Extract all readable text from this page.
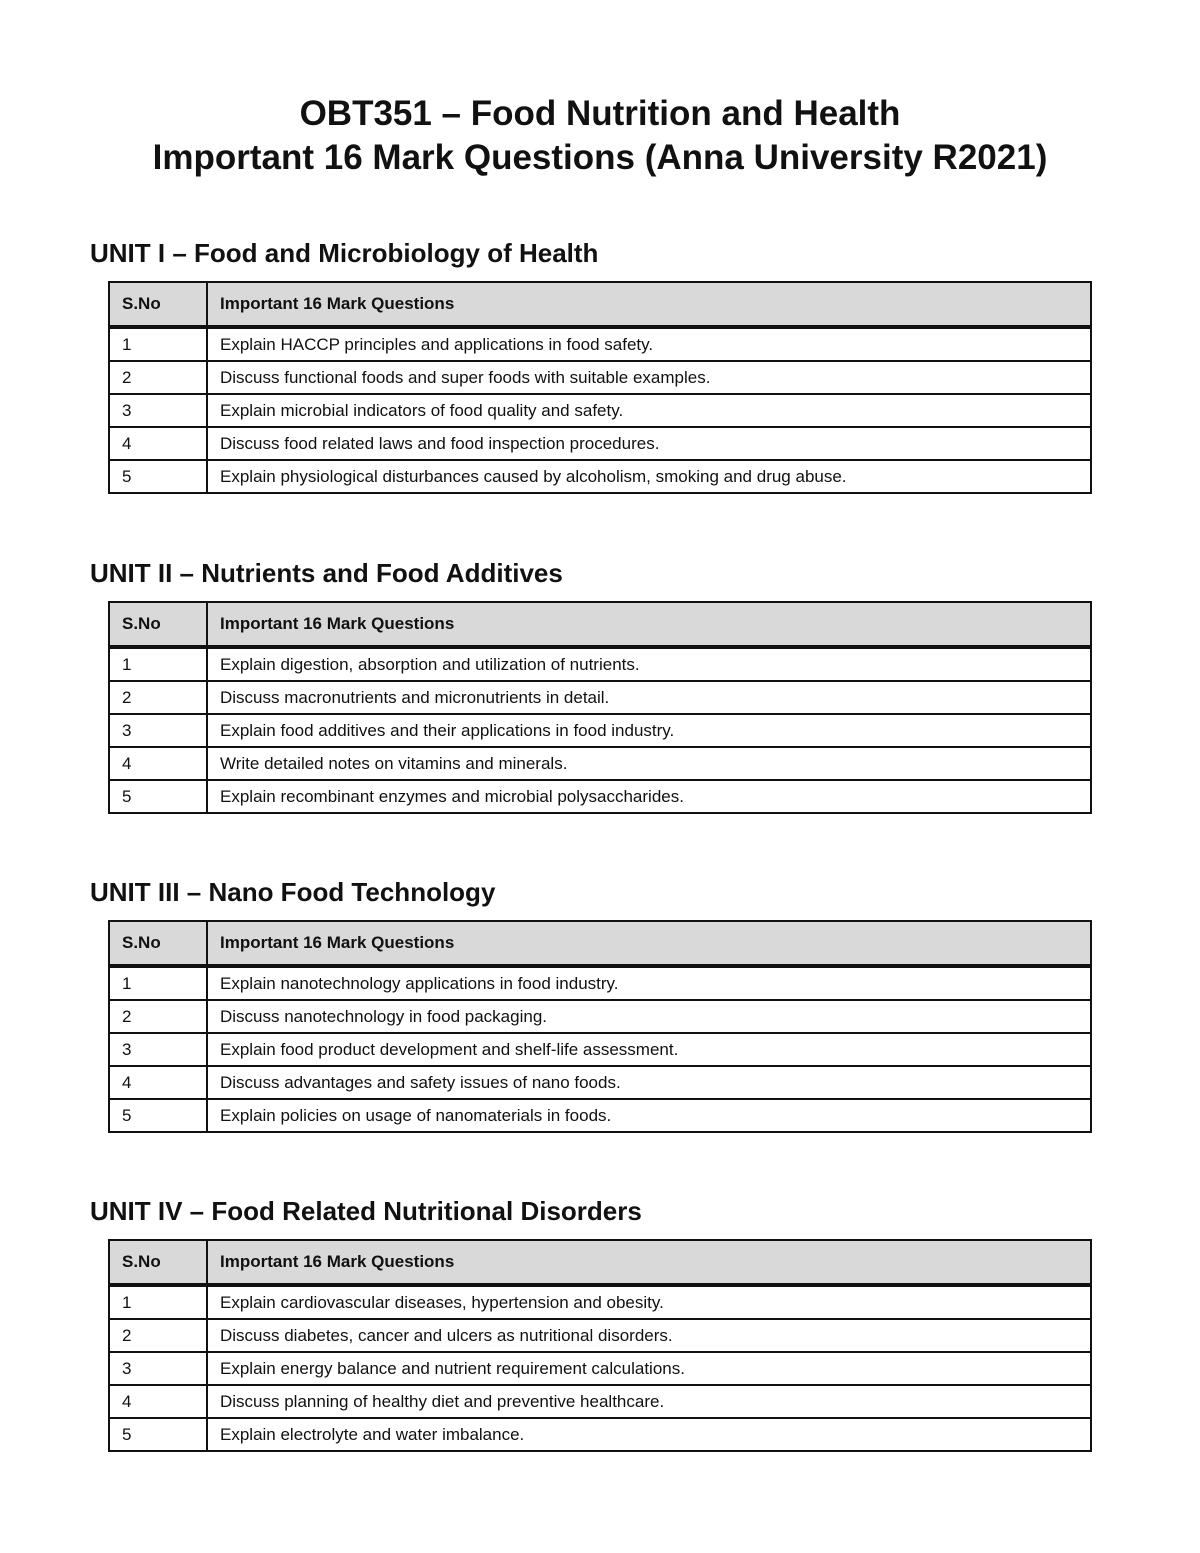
OBT351 – Food Nutrition and Health
Important 16 Mark Questions (Anna University R2021)
UNIT I – Food and Microbiology of Health
S.No	Important 16 Mark Questions
1	Explain HACCP principles and applications in food safety.
2	Discuss functional foods and super foods with suitable examples.
3	Explain microbial indicators of food quality and safety.
4	Discuss food related laws and food inspection procedures.
5	Explain physiological disturbances caused by alcoholism, smoking and drug abuse.
UNIT II – Nutrients and Food Additives
S.No	Important 16 Mark Questions
1	Explain digestion, absorption and utilization of nutrients.
2	Discuss macronutrients and micronutrients in detail.
3	Explain food additives and their applications in food industry.
4	Write detailed notes on vitamins and minerals.
5	Explain recombinant enzymes and microbial polysaccharides.
UNIT III – Nano Food Technology
S.No	Important 16 Mark Questions
1	Explain nanotechnology applications in food industry.
2	Discuss nanotechnology in food packaging.
3	Explain food product development and shelf-life assessment.
4	Discuss advantages and safety issues of nano foods.
5	Explain policies on usage of nanomaterials in foods.
UNIT IV – Food Related Nutritional Disorders
S.No	Important 16 Mark Questions
1	Explain cardiovascular diseases, hypertension and obesity.
2	Discuss diabetes, cancer and ulcers as nutritional disorders.
3	Explain energy balance and nutrient requirement calculations.
4	Discuss planning of healthy diet and preventive healthcare.
5	Explain electrolyte and water imbalance.
